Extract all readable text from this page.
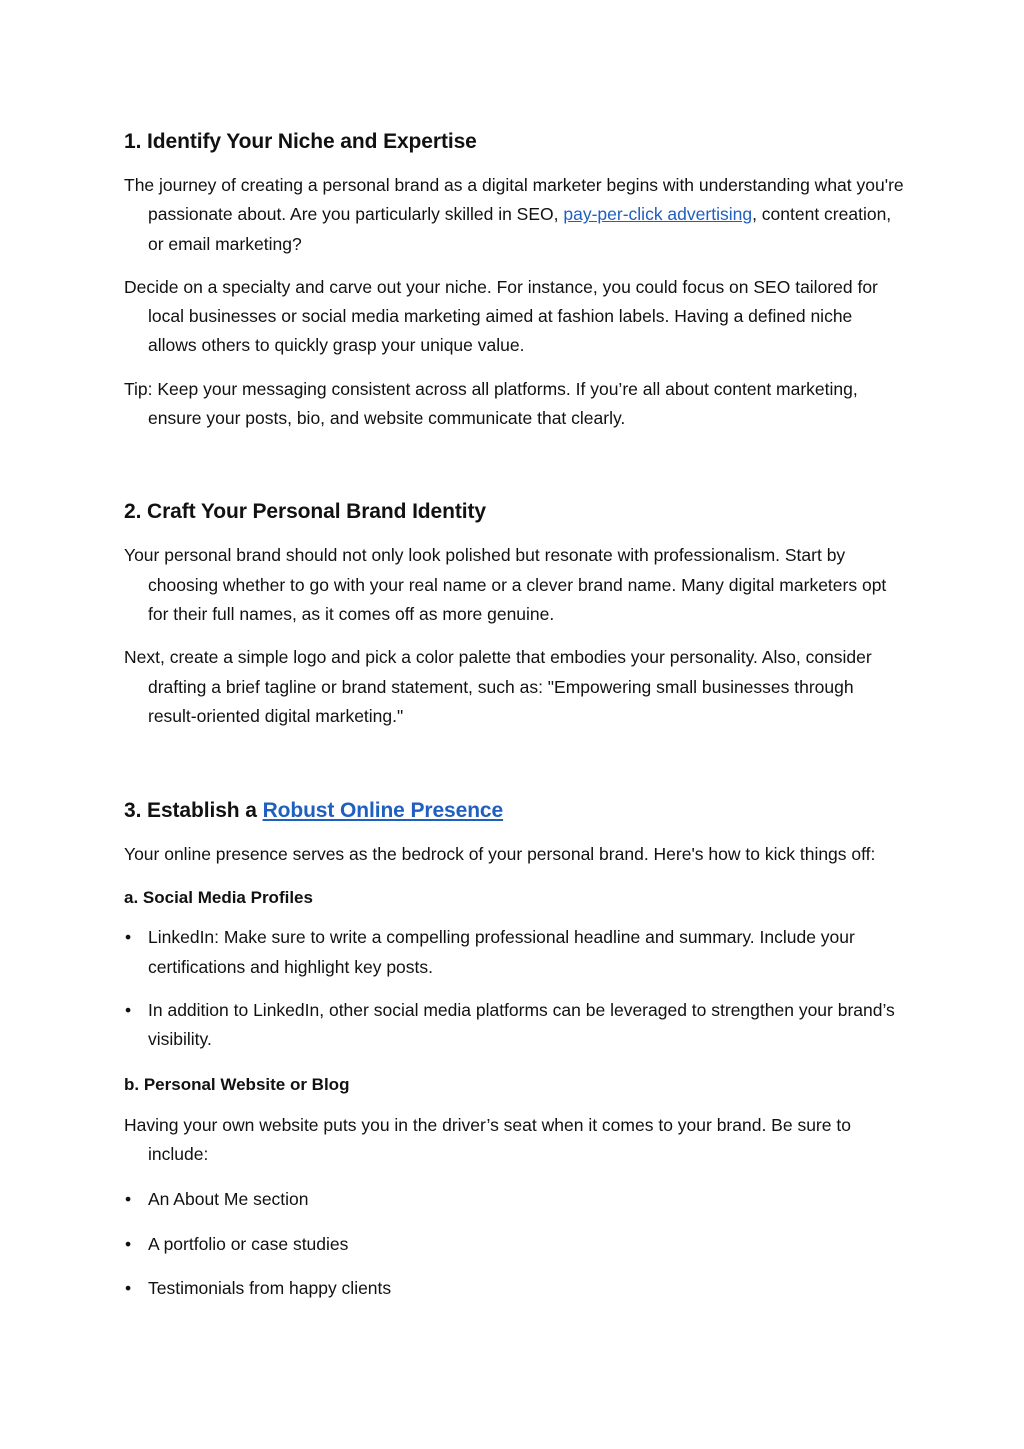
1. Identify Your Niche and Expertise

The journey of creating a personal brand as a digital marketer begins with understanding what you're passionate about. Are you particularly skilled in SEO, pay-per-click advertising, content creation, or email marketing?

Decide on a specialty and carve out your niche. For instance, you could focus on SEO tailored for local businesses or social media marketing aimed at fashion labels. Having a defined niche allows others to quickly grasp your unique value.

Tip: Keep your messaging consistent across all platforms. If you’re all about content marketing, ensure your posts, bio, and website communicate that clearly.

2. Craft Your Personal Brand Identity

Your personal brand should not only look polished but resonate with professionalism. Start by choosing whether to go with your real name or a clever brand name. Many digital marketers opt for their full names, as it comes off as more genuine.

Next, create a simple logo and pick a color palette that embodies your personality. Also, consider drafting a brief tagline or brand statement, such as: "Empowering small businesses through result-oriented digital marketing."

3. Establish a Robust Online Presence

Your online presence serves as the bedrock of your personal brand. Here's how to kick things off:

a. Social Media Profiles
• LinkedIn: Make sure to write a compelling professional headline and summary. Include your certifications and highlight key posts.
• In addition to LinkedIn, other social media platforms can be leveraged to strengthen your brand’s visibility.
b. Personal Website or Blog

Having your own website puts you in the driver’s seat when it comes to your brand. Be sure to include:

• An About Me section
• A portfolio or case studies
• Testimonials from happy clients
